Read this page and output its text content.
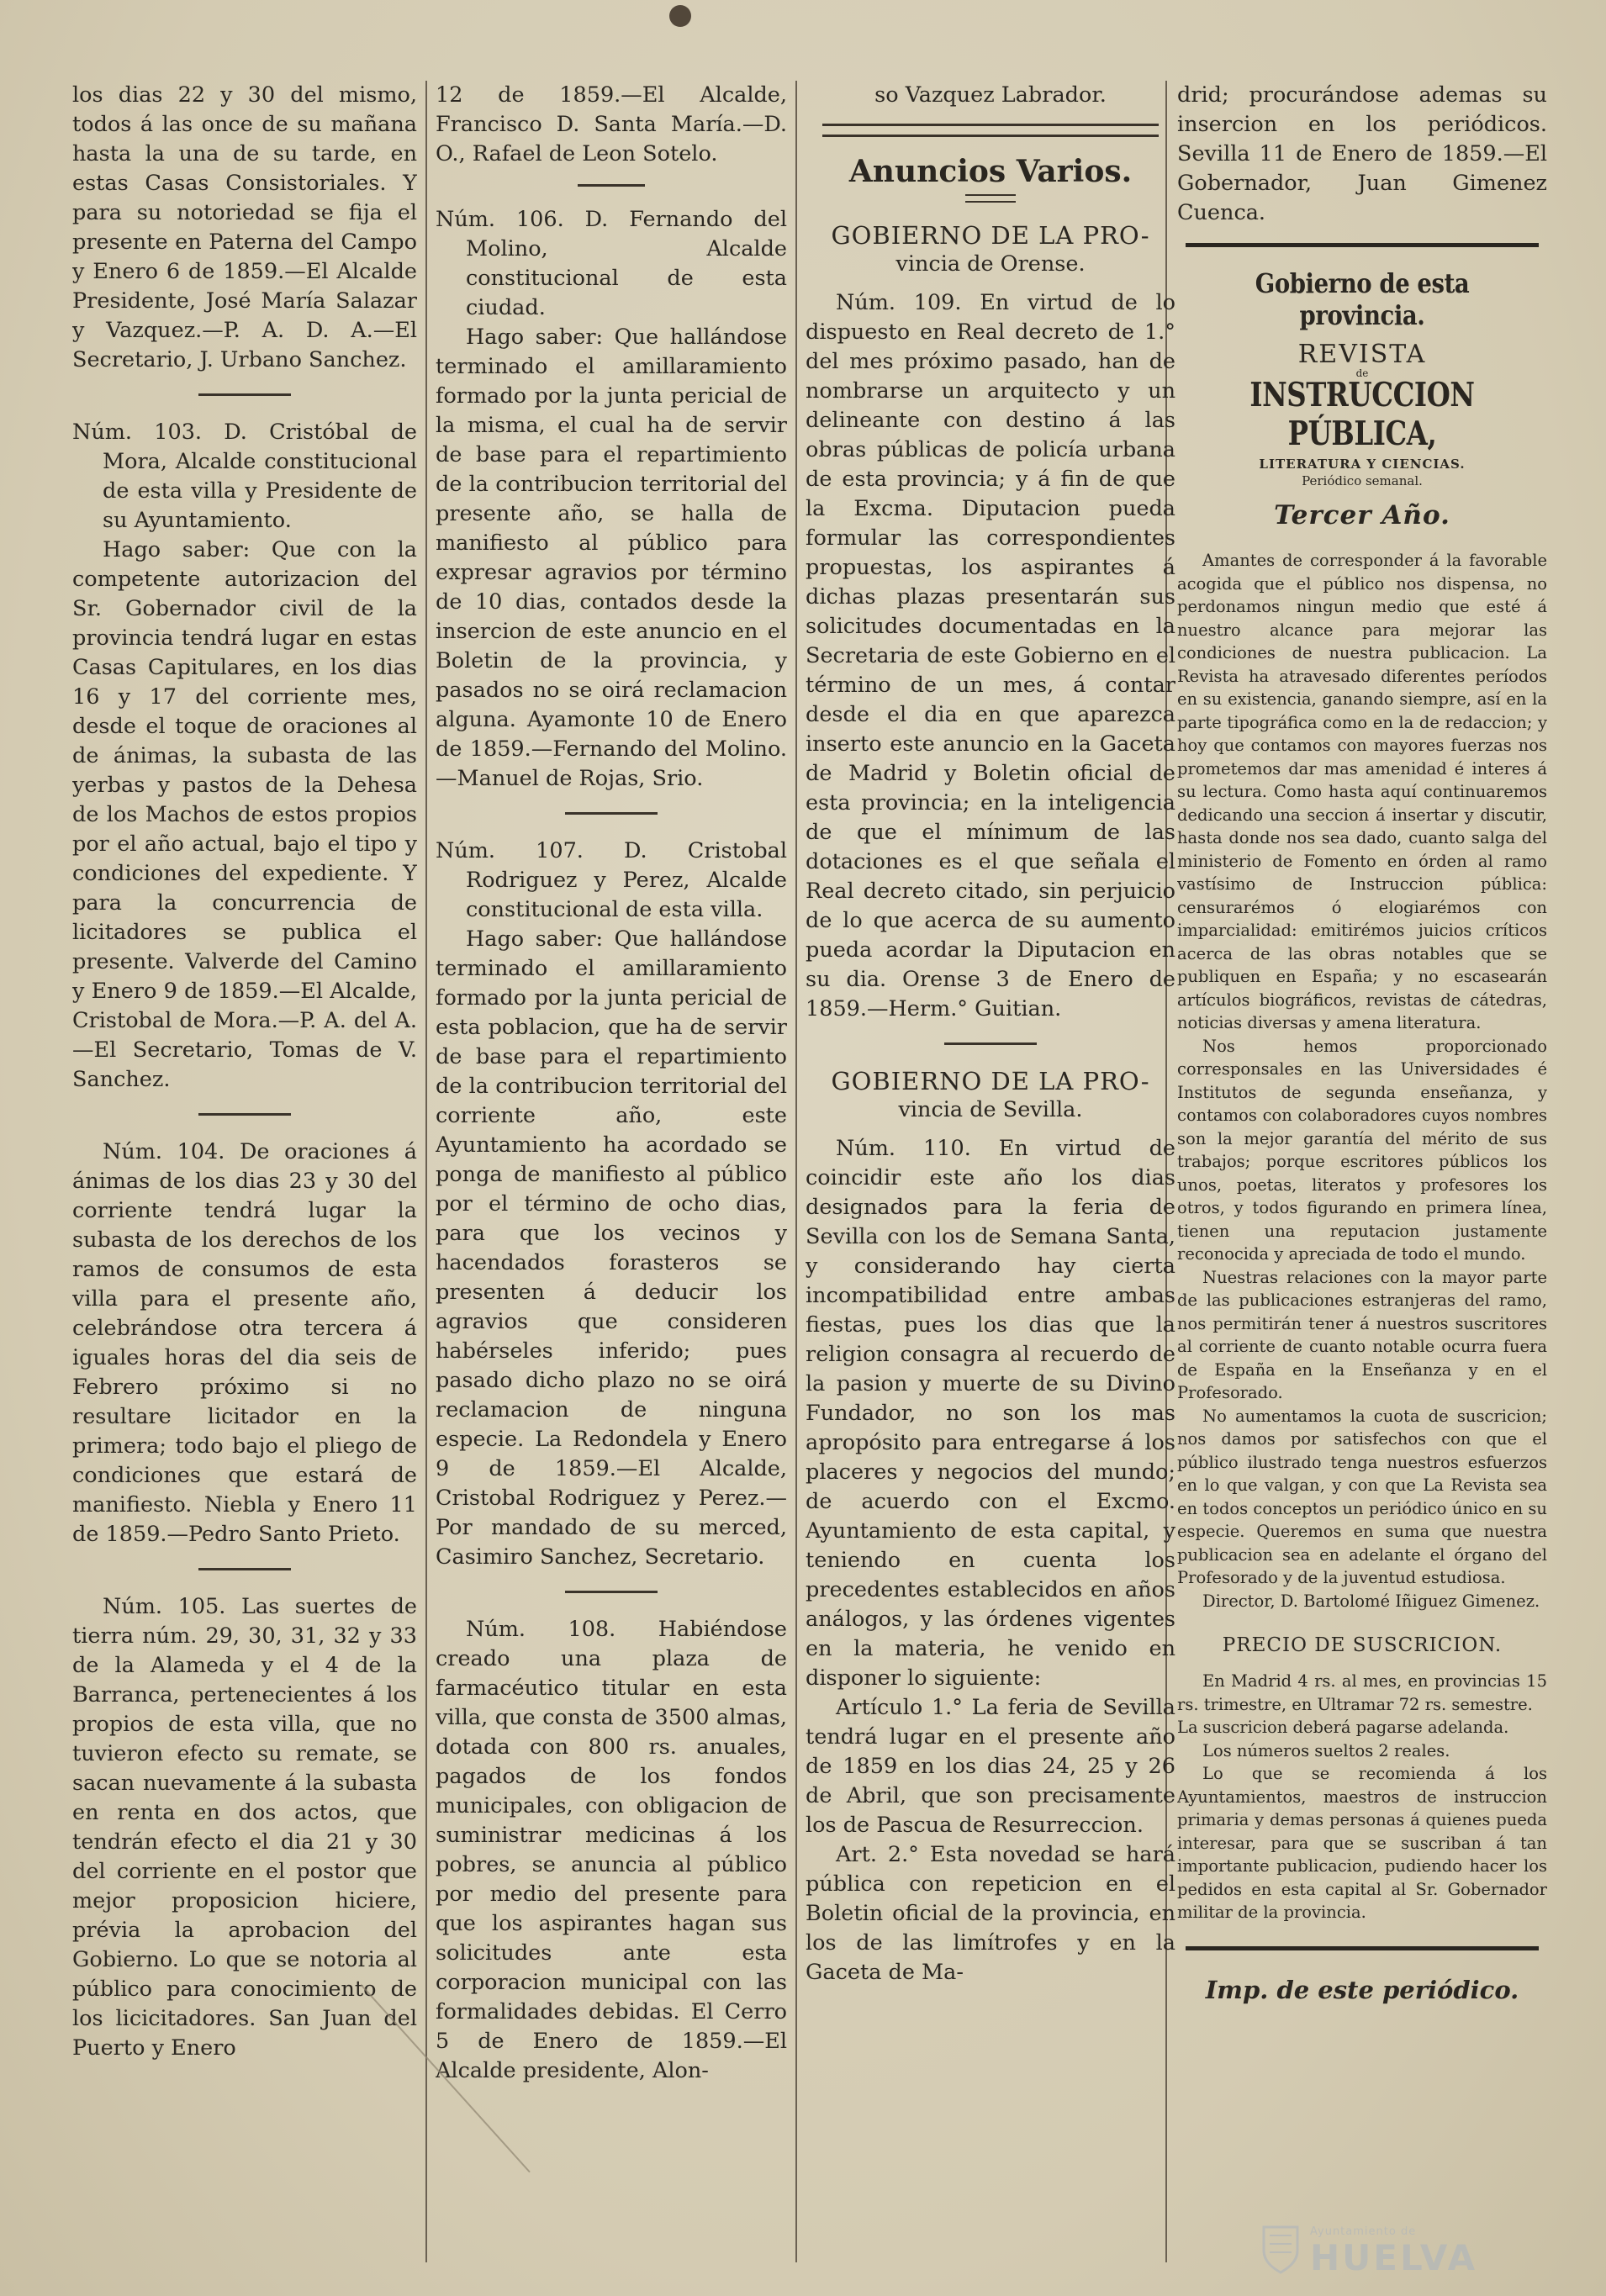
los dias 22 y 30 del mismo, todos á las once de su mañana hasta la una de su tarde, en estas Casas Consistoriales. Y para su notoriedad se fija el presente en Paterna del Campo y Enero 6 de 1859.—El Alcalde Presidente, José María Salazar y Vazquez.—P. A. D. A.—El Secretario, J. Urbano Sanchez.

Núm. 103. D. Cristóbal de Mora, Alcalde constitucional de esta villa y Presidente de su Ayuntamiento.

Hago saber: Que con la competente autorizacion del Sr. Gobernador civil de la provincia tendrá lugar en estas Casas Capitulares, en los dias 16 y 17 del corriente mes, desde el toque de oraciones al de ánimas, la subasta de las yerbas y pastos de la Dehesa de los Machos de estos propios por el año actual, bajo el tipo y condiciones del expediente. Y para la concurrencia de licitadores se publica el presente. Valverde del Camino y Enero 9 de 1859.—El Alcalde, Cristobal de Mora.—P. A. del A.—El Secretario, Tomas de V. Sanchez.

Núm. 104. De oraciones á ánimas de los dias 23 y 30 del corriente tendrá lugar la subasta de los derechos de los ramos de consumos de esta villa para el presente año, celebrándose otra tercera á iguales horas del dia seis de Febrero próximo si no resultare licitador en la primera; todo bajo el pliego de condiciones que estará de manifiesto. Niebla y Enero 11 de 1859.—Pedro Santo Prieto.

Núm. 105. Las suertes de tierra núm. 29, 30, 31, 32 y 33 de la Alameda y el 4 de la Barranca, pertenecientes á los propios de esta villa, que no tuvieron efecto su remate, se sacan nuevamente á la subasta en renta en dos actos, que tendrán efecto el dia 21 y 30 del corriente en el postor que mejor proposicion hiciere, prévia la aprobacion del Gobierno. Lo que se notoria al público para conocimiento de los licicitadores. San Juan del Puerto y Enero

12 de 1859.—El Alcalde, Francisco D. Santa María.—D. O., Rafael de Leon Sotelo.

Núm. 106. D. Fernando del Molino, Alcalde constitucional de esta ciudad.

Hago saber: Que hallándose terminado el amillaramiento formado por la junta pericial de la misma, el cual ha de servir de base para el repartimiento de la contribucion territorial del presente año, se halla de manifiesto al público para expresar agravios por término de 10 dias, contados desde la insercion de este anuncio en el Boletin de la provincia, y pasados no se oirá reclamacion alguna. Ayamonte 10 de Enero de 1859.—Fernando del Molino.—Manuel de Rojas, Srio.

Núm. 107. D. Cristobal Rodriguez y Perez, Alcalde constitucional de esta villa.

Hago saber: Que hallándose terminado el amillaramiento formado por la junta pericial de esta poblacion, que ha de servir de base para el repartimiento de la contribucion territorial del corriente año, este Ayuntamiento ha acordado se ponga de manifiesto al público por el término de ocho dias, para que los vecinos y hacendados forasteros se presenten á deducir los agravios que consideren habérseles inferido; pues pasado dicho plazo no se oirá reclamacion de ninguna especie. La Redondela y Enero 9 de 1859.—El Alcalde, Cristobal Rodriguez y Perez.—Por mandado de su merced, Casimiro Sanchez, Secretario.

Núm. 108. Habiéndose creado una plaza de farmacéutico titular en esta villa, que consta de 3500 almas, dotada con 800 rs. anuales, pagados de los fondos municipales, con obligacion de suministrar medicinas á los pobres, se anuncia al público por medio del presente para que los aspirantes hagan sus solicitudes ante esta corporacion municipal con las formalidades debidas. El Cerro 5 de Enero de 1859.—El Alcalde presidente, Alon-

so Vazquez Labrador.

Anuncios Varios.
GOBIERNO DE LA PRO-
vincia de Orense.

Núm. 109. En virtud de lo dispuesto en Real decreto de 1.° del mes próximo pasado, han de nombrarse un arquitecto y un delineante con destino á las obras públicas de policía urbana de esta provincia; y á fin de que la Excma. Diputacion pueda formular las correspondientes propuestas, los aspirantes á dichas plazas presentarán sus solicitudes documentadas en la Secretaria de este Gobierno en el término de un mes, á contar desde el dia en que aparezca inserto este anuncio en la Gaceta de Madrid y Boletin oficial de esta provincia; en la inteligencia de que el mínimum de las dotaciones es el que señala el Real decreto citado, sin perjuicio de lo que acerca de su aumento pueda acordar la Diputacion en su dia. Orense 3 de Enero de 1859.—Herm.° Guitian.

GOBIERNO DE LA PRO-
vincia de Sevilla.

Núm. 110. En virtud de coincidir este año los dias designados para la feria de Sevilla con los de Semana Santa, y considerando hay cierta incompatibilidad entre ambas fiestas, pues los dias que la religion consagra al recuerdo de la pasion y muerte de su Divino Fundador, no son los mas apropósito para entregarse á los placeres y negocios del mundo; de acuerdo con el Excmo. Ayuntamiento de esta capital, y teniendo en cuenta los precedentes establecidos en años análogos, y las órdenes vigentes en la materia, he venido en disponer lo siguiente:

Artículo 1.° La feria de Sevilla tendrá lugar en el presente año de 1859 en los dias 24, 25 y 26 de Abril, que son precisamente los de Pascua de Resurreccion.

Art. 2.° Esta novedad se hará pública con repeticion en el Boletin oficial de la provincia, en los de las limítrofes y en la Gaceta de Ma-

drid; procurándose ademas su insercion en los periódicos. Sevilla 11 de Enero de 1859.—El Gobernador, Juan Gimenez Cuenca.

Gobierno de esta provincia.
REVISTA
de
INSTRUCCION PÚBLICA,
LITERATURA Y CIENCIAS.
Periódico semanal.
Tercer Año.

Amantes de corresponder á la favorable acogida que el público nos dispensa, no perdonamos ningun medio que esté á nuestro alcance para mejorar las condiciones de nuestra publicacion. La Revista ha atravesado diferentes períodos en su existencia, ganando siempre, así en la parte tipográfica como en la de redaccion; y hoy que contamos con mayores fuerzas nos prometemos dar mas amenidad é interes á su lectura. Como hasta aquí continuaremos dedicando una seccion á insertar y discutir, hasta donde nos sea dado, cuanto salga del ministerio de Fomento en órden al ramo vastísimo de Instruccion pública: censurarémos ó elogiarémos con imparcialidad: emitirémos juicios críticos acerca de las obras notables que se publiquen en España; y no escasearán artículos biográficos, revistas de cátedras, noticias diversas y amena literatura.

Nos hemos proporcionado corresponsales en las Universidades é Institutos de segunda enseñanza, y contamos con colaboradores cuyos nombres son la mejor garantía del mérito de sus trabajos; porque escritores públicos los unos, poetas, literatos y profesores los otros, y todos figurando en primera línea, tienen una reputacion justamente reconocida y apreciada de todo el mundo.

Nuestras relaciones con la mayor parte de las publicaciones estranjeras del ramo, nos permitirán tener á nuestros suscritores al corriente de cuanto notable ocurra fuera de España en la Enseñanza y en el Profesorado.

No aumentamos la cuota de suscricion; nos damos por satisfechos con que el público ilustrado tenga nuestros esfuerzos en lo que valgan, y con que La Revista sea en todos conceptos un periódico único en su especie. Queremos en suma que nuestra publicacion sea en adelante el órgano del Profesorado y de la juventud estudiosa.

Director, D. Bartolomé Iñiguez Gimenez.

PRECIO DE SUSCRICION.

En Madrid 4 rs. al mes, en provincias 15 rs. trimestre, en Ultramar 72 rs. semestre.

La suscricion deberá pagarse adelanda.

Los números sueltos 2 reales.

Lo que se recomienda á los Ayuntamientos, maestros de instruccion primaria y demas personas á quienes pueda interesar, para que se suscriban á tan importante publicacion, pudiendo hacer los pedidos en esta capital al Sr. Gobernador militar de la provincia.

Imp. de este periódico.
Ayuntamiento de
HUELVA
